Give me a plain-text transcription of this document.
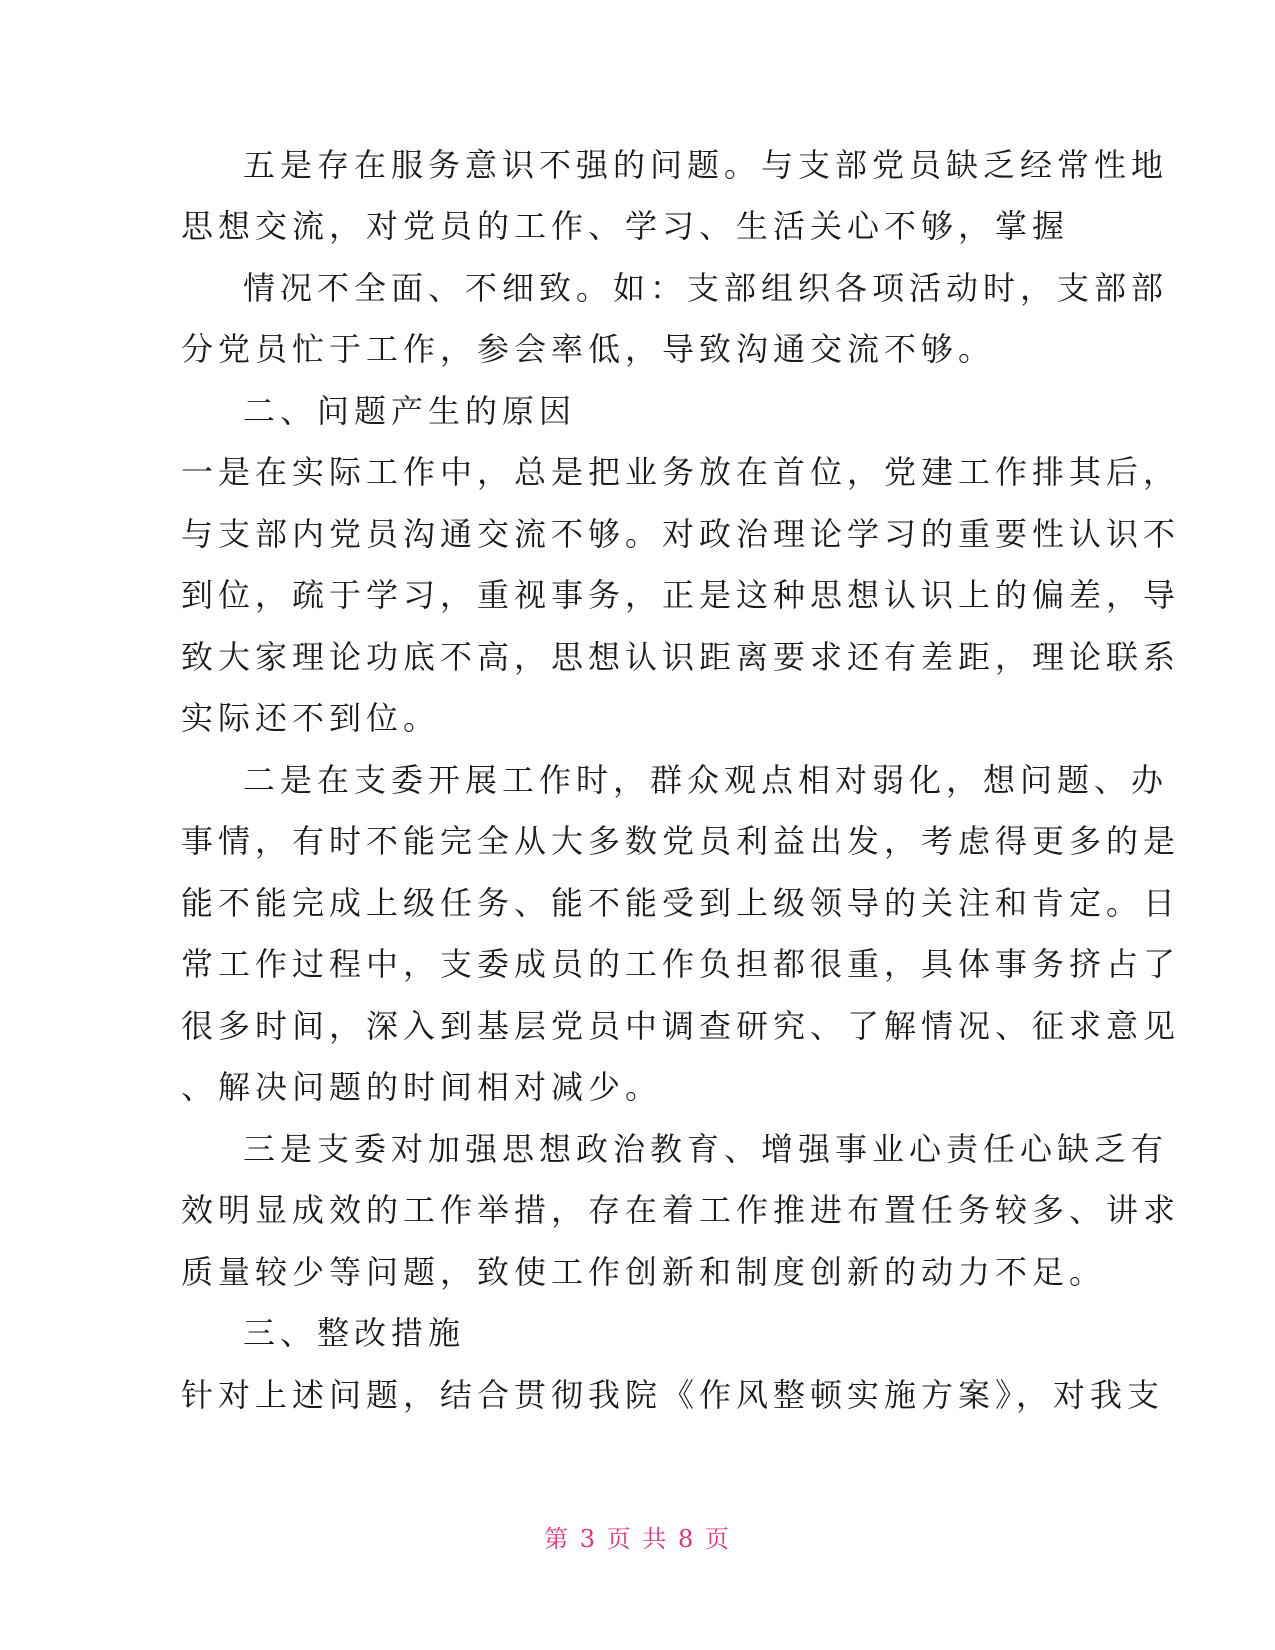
五是存在服务意识不强的问题。与支部党员缺乏经常性地
思想交流，对党员的工作、学习、生活关心不够，掌握
情况不全面、不细致。如：支部组织各项活动时，支部部
分党员忙于工作，参会率低，导致沟通交流不够。
二、问题产生的原因
一是在实际工作中，总是把业务放在首位，党建工作排其后，
与支部内党员沟通交流不够。对政治理论学习的重要性认识不
到位，疏于学习，重视事务，正是这种思想认识上的偏差，导
致大家理论功底不高，思想认识距离要求还有差距，理论联系
实际还不到位。
二是在支委开展工作时，群众观点相对弱化，想问题、办
事情，有时不能完全从大多数党员利益出发，考虑得更多的是
能不能完成上级任务、能不能受到上级领导的关注和肯定。日
常工作过程中，支委成员的工作负担都很重，具体事务挤占了
很多时间，深入到基层党员中调查研究、了解情况、征求意见
、解决问题的时间相对减少。
三是支委对加强思想政治教育、增强事业心责任心缺乏有
效明显成效的工作举措，存在着工作推进布置任务较多、讲求
质量较少等问题，致使工作创新和制度创新的动力不足。
三、整改措施
针对上述问题，结合贯彻我院《作风整顿实施方案》，对我支
第 3 页 共 8 页
